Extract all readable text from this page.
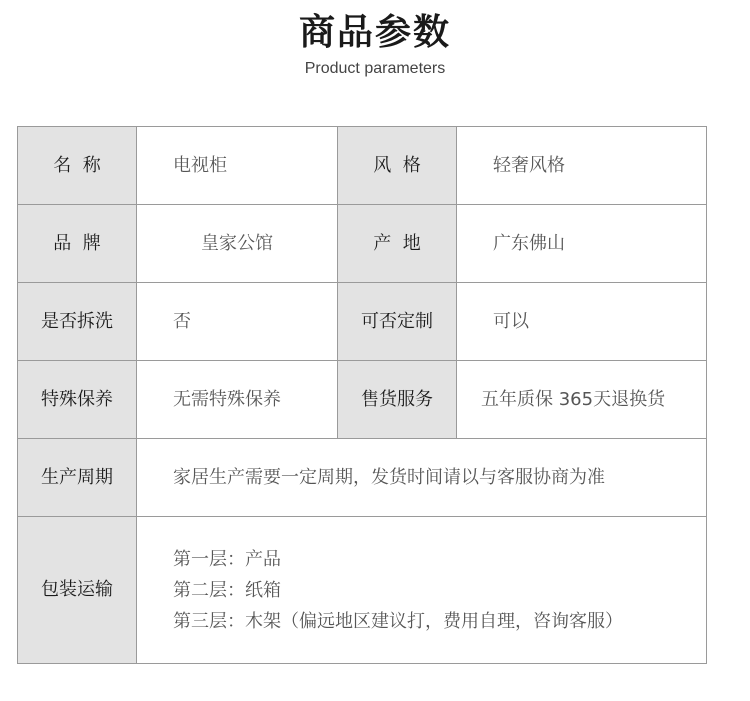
商品参数
Product parameters
名  称	电视柜	风  格	轻奢风格
品  牌	皇家公馆	产  地	广东佛山
是否拆洗	否	可否定制	可以
特殊保养	无需特殊保养	售货服务	五年质保 365天退换货
生产周期	家居生产需要一定周期，发货时间请以与客服协商为准		
包装运输	第一层：产品
第二层：纸箱
第三层：木架（偏远地区建议打，费用自理，咨询客服）		
